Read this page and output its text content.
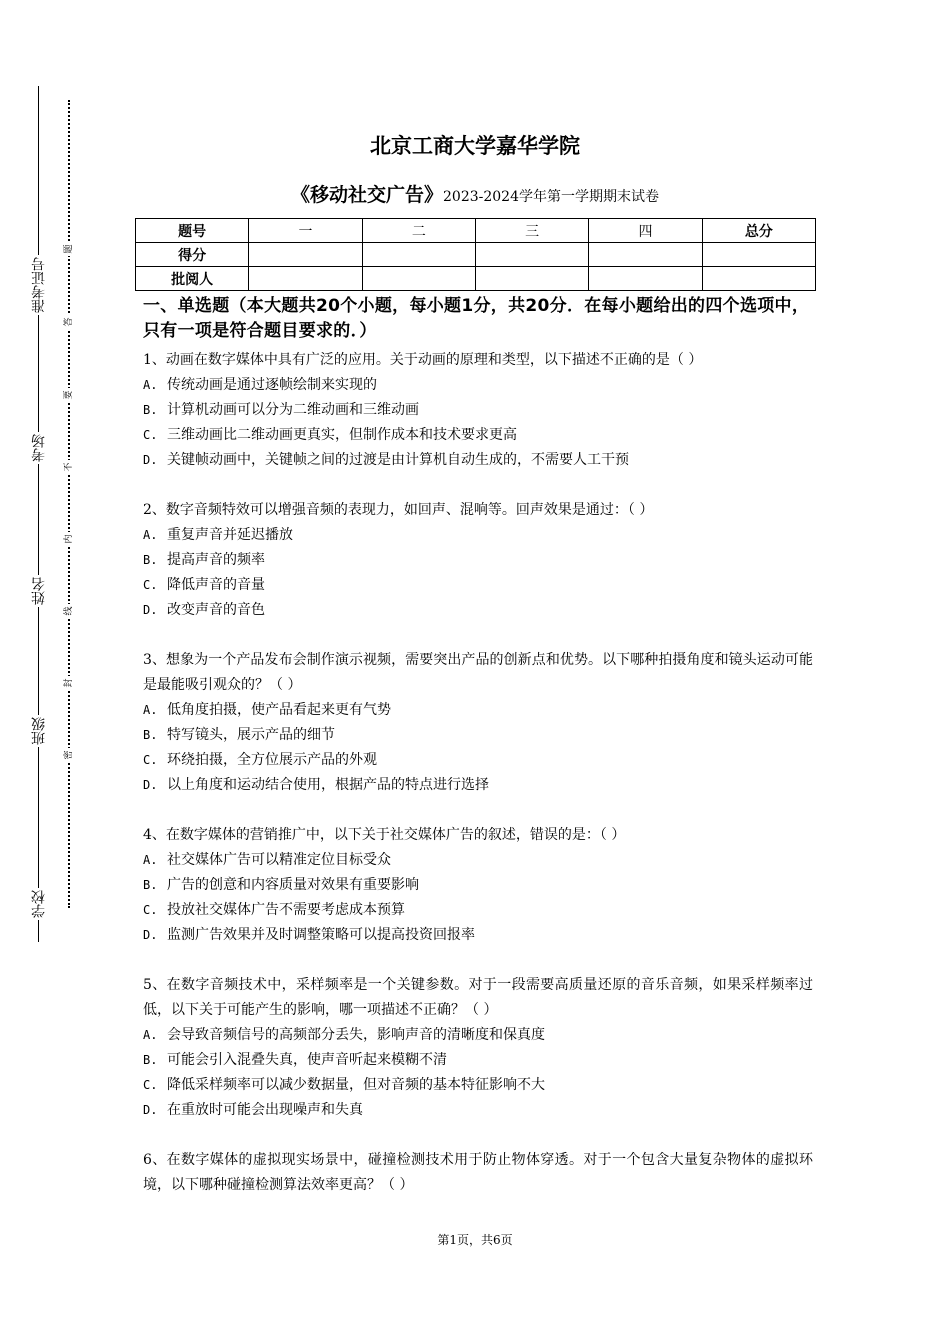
准考证号
考场
姓名
班级
学校
题
答
要
不
内
线
封
密
北京工商大学嘉华学院
《移动社交广告》2023-2024学年第一学期期末试卷
题号	一	二	三	四	总分
得分					
批阅人					
一、单选题（本大题共20个小题，每小题1分，共20分．在每小题给出的四个选项中，只有一项是符合题目要求的．）

1、动画在数字媒体中具有广泛的应用。关于动画的原理和类型，以下描述不正确的是（ ）

A. 传统动画是通过逐帧绘制来实现的

B. 计算机动画可以分为二维动画和三维动画

C. 三维动画比二维动画更真实，但制作成本和技术要求更高

D. 关键帧动画中，关键帧之间的过渡是由计算机自动生成的，不需要人工干预

2、数字音频特效可以增强音频的表现力，如回声、混响等。回声效果是通过：（ ）

A. 重复声音并延迟播放

B. 提高声音的频率

C. 降低声音的音量

D. 改变声音的音色

3、想象为一个产品发布会制作演示视频，需要突出产品的创新点和优势。以下哪种拍摄角度和镜头运动可能是最能吸引观众的？（ ）

A. 低角度拍摄，使产品看起来更有气势

B. 特写镜头，展示产品的细节

C. 环绕拍摄，全方位展示产品的外观

D. 以上角度和运动结合使用，根据产品的特点进行选择

4、在数字媒体的营销推广中，以下关于社交媒体广告的叙述，错误的是：（ ）

A. 社交媒体广告可以精准定位目标受众

B. 广告的创意和内容质量对效果有重要影响

C. 投放社交媒体广告不需要考虑成本预算

D. 监测广告效果并及时调整策略可以提高投资回报率

5、在数字音频技术中，采样频率是一个关键参数。对于一段需要高质量还原的音乐音频，如果采样频率过低，以下关于可能产生的影响，哪一项描述不正确？（ ）

A. 会导致音频信号的高频部分丢失，影响声音的清晰度和保真度

B. 可能会引入混叠失真，使声音听起来模糊不清

C. 降低采样频率可以减少数据量，但对音频的基本特征影响不大

D. 在重放时可能会出现噪声和失真

6、在数字媒体的虚拟现实场景中，碰撞检测技术用于防止物体穿透。对于一个包含大量复杂物体的虚拟环境，以下哪种碰撞检测算法效率更高？（ ）

第1页，共6页
